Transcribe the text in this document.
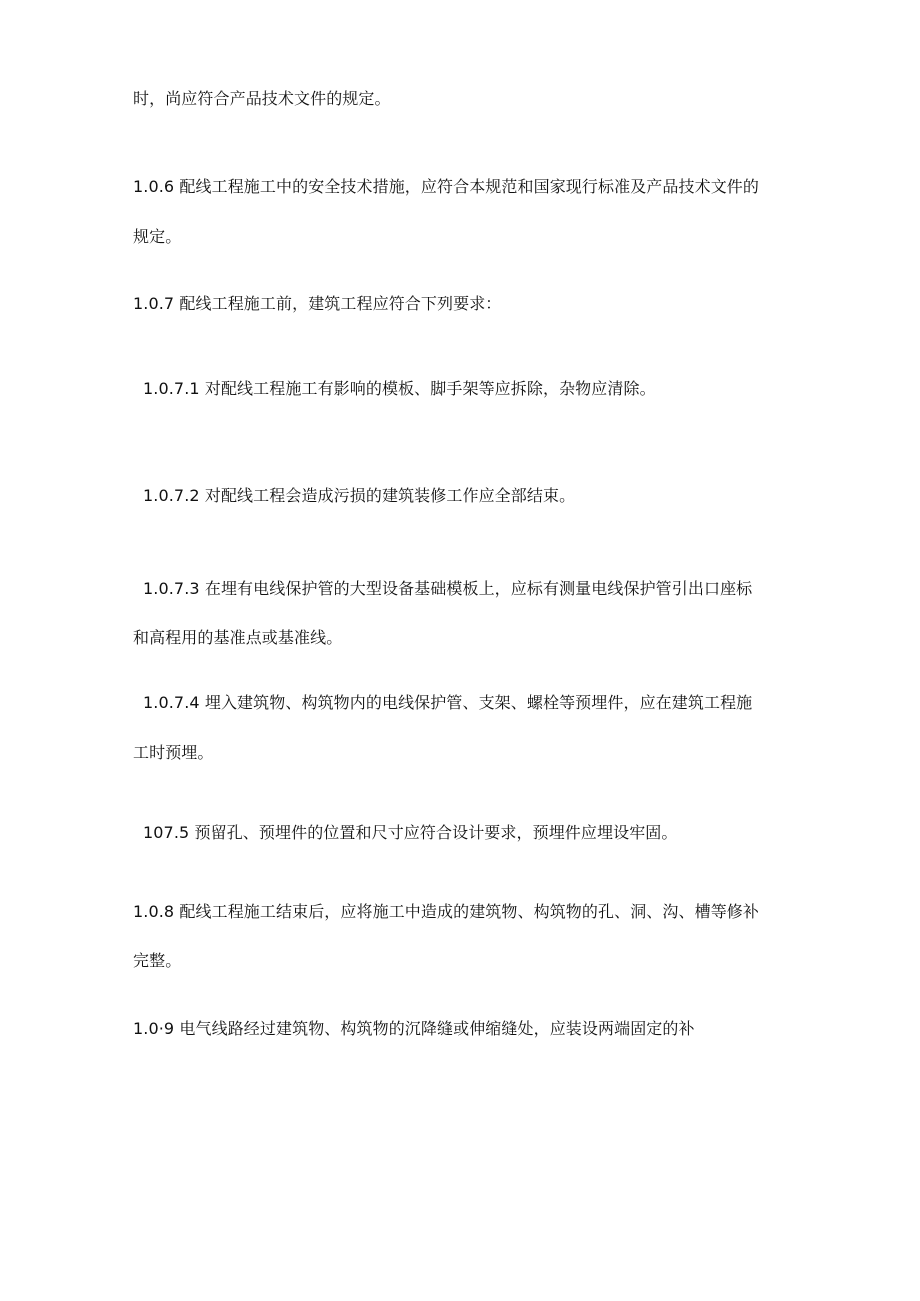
时，尚应符合产品技术文件的规定。
1.0.6 配线工程施工中的安全技术措施，应符合本规范和国家现行标准及产品技术文件的
规定。
1.0.7 配线工程施工前，建筑工程应符合下列要求：
1.0.7.1 对配线工程施工有影响的模板、脚手架等应拆除，杂物应清除。
1.0.7.2 对配线工程会造成污损的建筑装修工作应全部结束。
1.0.7.3 在埋有电线保护管的大型设备基础模板上，应标有测量电线保护管引出口座标
和高程用的基准点或基准线。
1.0.7.4 埋入建筑物、构筑物内的电线保护管、支架、螺栓等预埋件，应在建筑工程施
工时预埋。
107.5 预留孔、预埋件的位置和尺寸应符合设计要求，预埋件应埋设牢固。
1.0.8 配线工程施工结束后，应将施工中造成的建筑物、构筑物的孔、洞、沟、槽等修补
完整。
1.0·9 电气线路经过建筑物、构筑物的沉降缝或伸缩缝处，应装设两端固定的补
